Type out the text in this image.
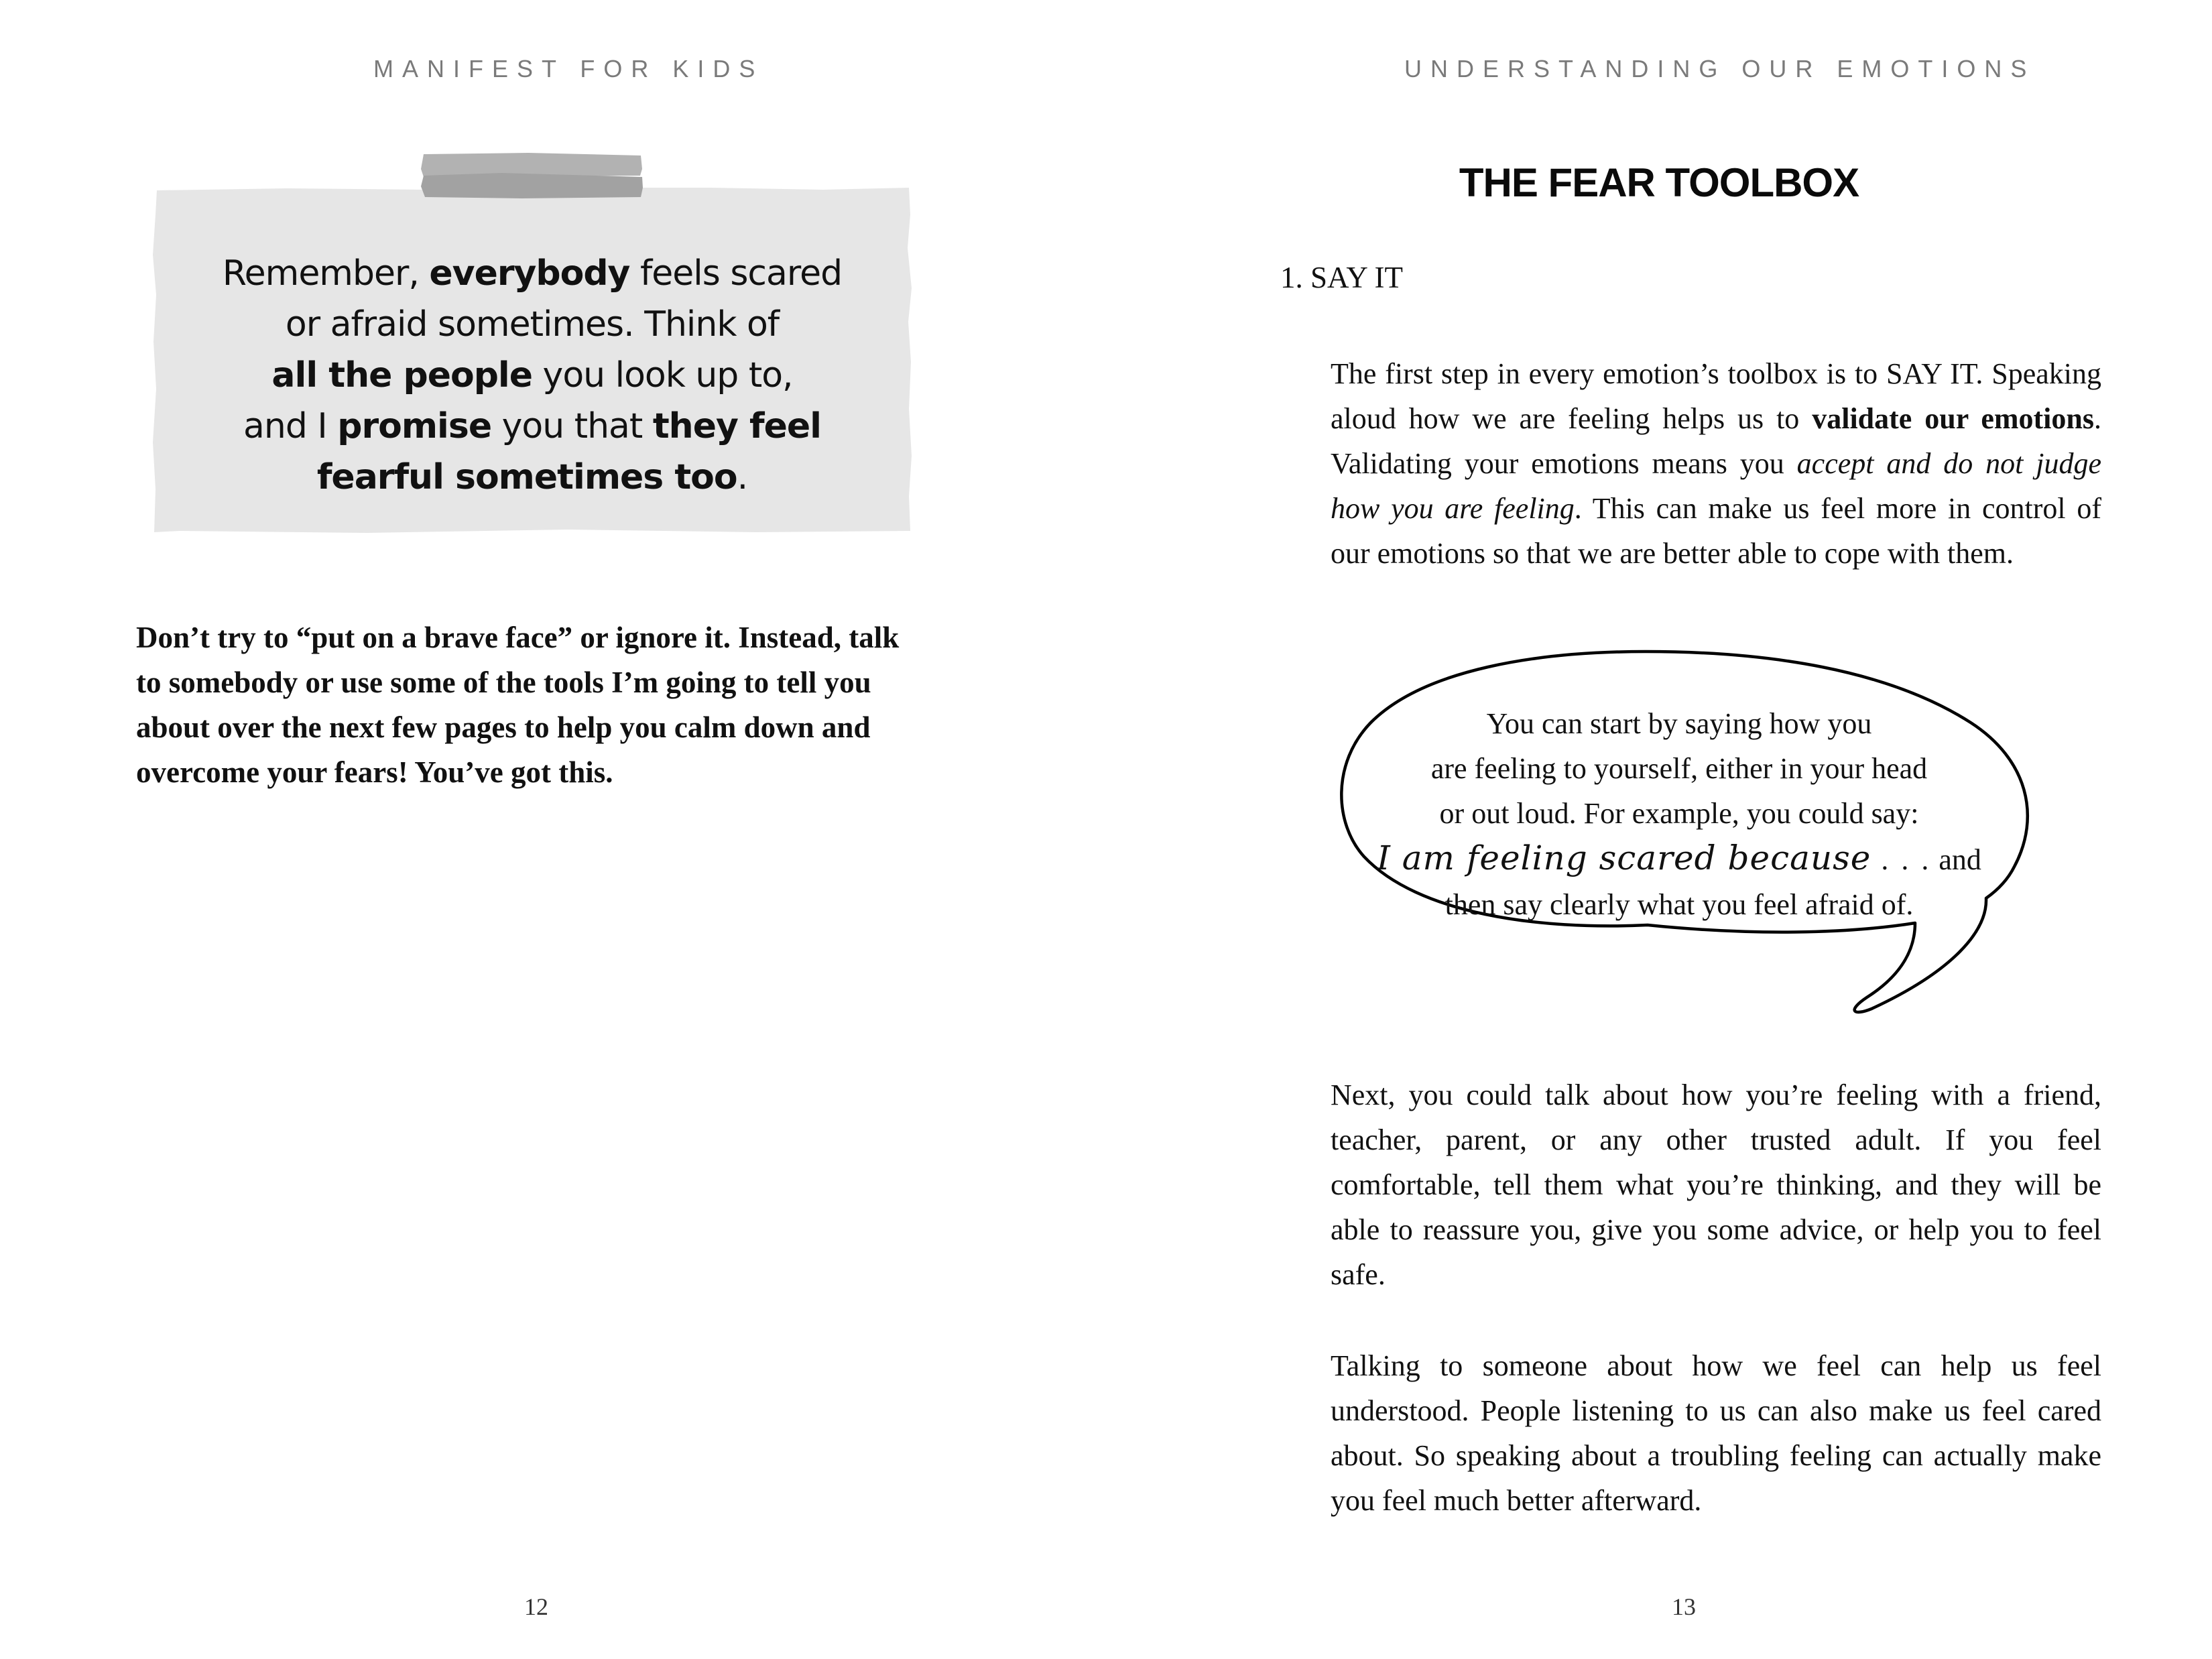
MANIFEST FOR KIDS
Remember, everybody feels scared
or afraid sometimes. Think of
all the people you look up to,
and I promise you that they feel
fearful sometimes too.

Don’t try to “put on a brave face” or ignore it. Instead, talk

to somebody or use some of the tools I’m going to tell you

about over the next few pages to help you calm down and

overcome your fears! You’ve got this.

12
UNDERSTANDING OUR EMOTIONS
THE FEAR TOOLBOX
1. SAY IT

The first step in every emotion’s toolbox is to SAY IT. Speaking aloud how we are feeling helps us to validate our emotions. Validating your emotions means you accept and do not judge how you are feeling. This can make us feel more in control of our emotions so that we are better able to cope with them.

You can start by saying how you
are feeling to yourself, either in your head
or out loud. For example, you could say:
I am feeling scared because . . . and
then say clearly what you feel afraid of.

Next, you could talk about how you’re feeling with a friend, teacher, parent, or any other trusted adult. If you feel comfortable, tell them what you’re thinking, and they will be able to reassure you, give you some advice, or help you to feel safe.

Talking to someone about how we feel can help us feel understood. People listening to us can also make us feel cared about. So speaking about a troubling feeling can actually make you feel much better afterward.

13
